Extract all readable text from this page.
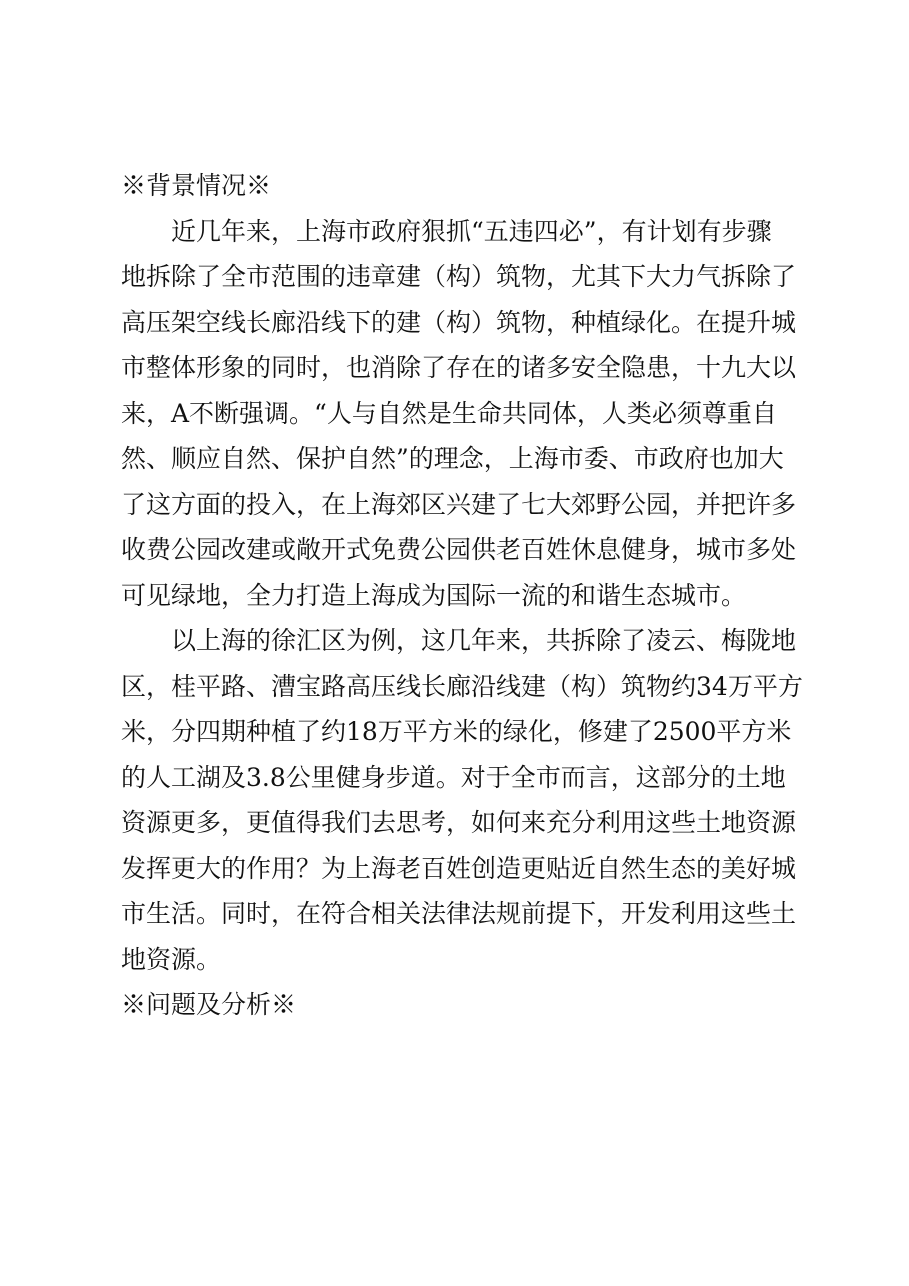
※背景情况※
近几年来，上海市政府狠抓“五违四必”，有计划有步骤
地拆除了全市范围的违章建（构）筑物，尤其下大力气拆除了
高压架空线长廊沿线下的建（构）筑物，种植绿化。在提升城
市整体形象的同时，也消除了存在的诸多安全隐患，十九大以
来，A不断强调。“人与自然是生命共同体，人类必须尊重自
然、顺应自然、保护自然”的理念，上海市委、市政府也加大
了这方面的投入，在上海郊区兴建了七大郊野公园，并把许多
收费公园改建或敞开式免费公园供老百姓休息健身，城市多处
可见绿地，全力打造上海成为国际一流的和谐生态城市。
以上海的徐汇区为例，这几年来，共拆除了凌云、梅陇地
区，桂平路、漕宝路高压线长廊沿线建（构）筑物约34万平方
米，分四期种植了约18万平方米的绿化，修建了2500平方米
的人工湖及3.8公里健身步道。对于全市而言，这部分的土地
资源更多，更值得我们去思考，如何来充分利用这些土地资源
发挥更大的作用？为上海老百姓创造更贴近自然生态的美好城
市生活。同时，在符合相关法律法规前提下，开发利用这些土
地资源。
※问题及分析※
